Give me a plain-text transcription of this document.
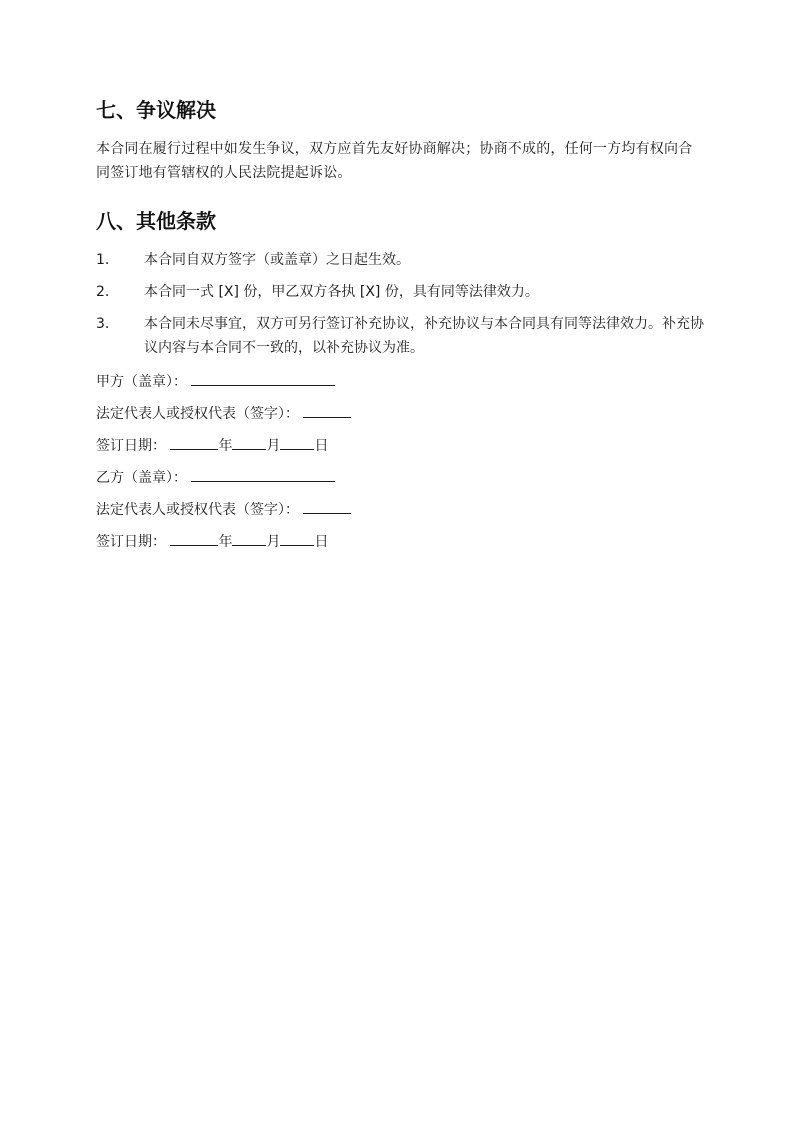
七、争议解决
本合同在履行过程中如发生争议，双方应首先友好协商解决；协商不成的，任何一方均有权向合同签订地有管辖权的人民法院提起诉讼。
八、其他条款
1. 本合同自双方签字（或盖章）之日起生效。
2. 本合同一式 [X] 份，甲乙双方各执 [X] 份，具有同等法律效力。
3. 本合同未尽事宜，双方可另行签订补充协议，补充协议与本合同具有同等法律效力。补充协议内容与本合同不一致的，以补充协议为准。
甲方（盖章）：
法定代表人或授权代表（签字）：
签订日期：	年 月 日
乙方（盖章）：
法定代表人或授权代表（签字）：
签订日期：	年 月 日
